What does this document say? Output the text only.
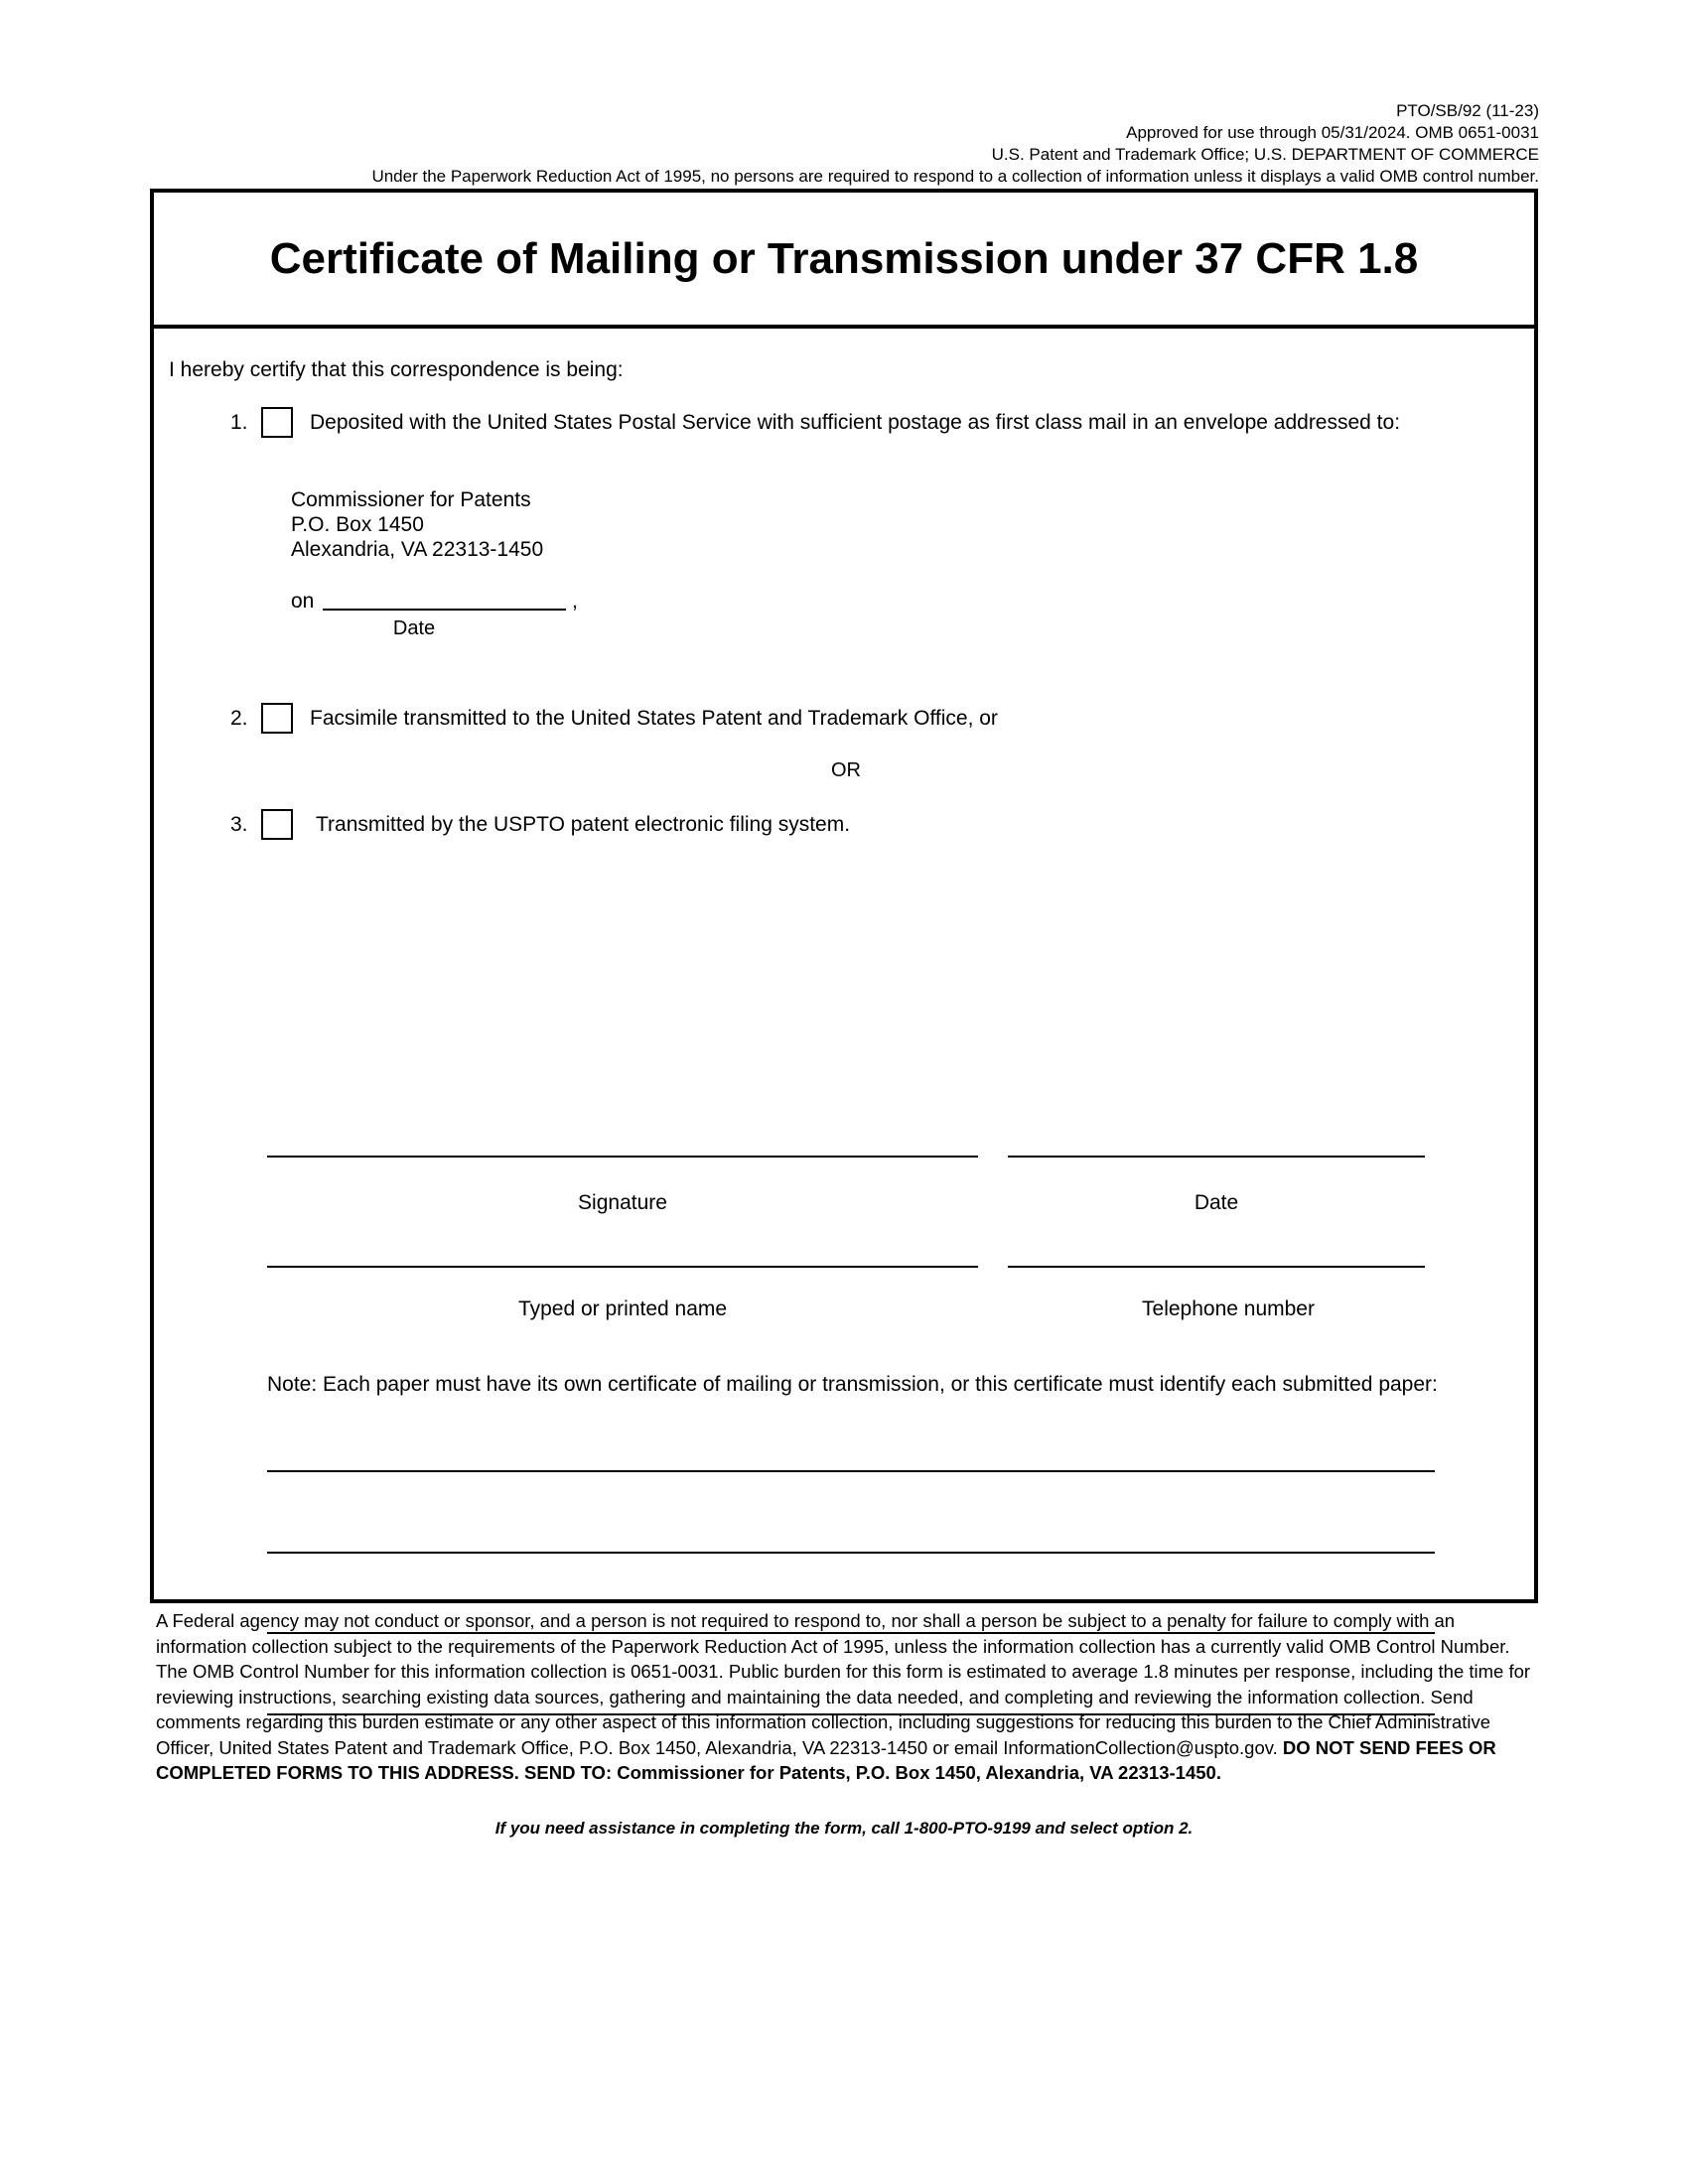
PTO/SB/92 (11-23)
Approved for use through 05/31/2024. OMB 0651-0031
U.S. Patent and Trademark Office; U.S. DEPARTMENT OF COMMERCE
Under the Paperwork Reduction Act of 1995, no persons are required to respond to a collection of information unless it displays a valid OMB control number.
Certificate of Mailing or Transmission under 37 CFR 1.8
I hereby certify that this correspondence is being:
1.	Deposited with the United States Postal Service with sufficient postage as first class mail in an envelope addressed to:
Commissioner for Patents
P.O. Box 1450
Alexandria, VA 22313-1450
on	,
Date
2.	Facsimile transmitted to the United States Patent and Trademark Office, or
OR
3.	Transmitted by the USPTO patent electronic filing system.
Signature	Date
Typed or printed name	Telephone number
Note: Each paper must have its own certificate of mailing or transmission, or this certificate must identify each submitted paper:
A Federal agency may not conduct or sponsor, and a person is not required to respond to, nor shall a person be subject to a penalty for failure to comply with an information collection subject to the requirements of the Paperwork Reduction Act of 1995, unless the information collection has a currently valid OMB Control Number. The OMB Control Number for this information collection is 0651-0031. Public burden for this form is estimated to average 1.8 minutes per response, including the time for reviewing instructions, searching existing data sources, gathering and maintaining the data needed, and completing and reviewing the information collection. Send comments regarding this burden estimate or any other aspect of this information collection, including suggestions for reducing this burden to the Chief Administrative Officer, United States Patent and Trademark Office, P.O. Box 1450, Alexandria, VA 22313-1450 or email InformationCollection@uspto.gov. DO NOT SEND FEES OR COMPLETED FORMS TO THIS ADDRESS. SEND TO: Commissioner for Patents, P.O. Box 1450, Alexandria, VA 22313-1450.
If you need assistance in completing the form, call 1-800-PTO-9199 and select option 2.
